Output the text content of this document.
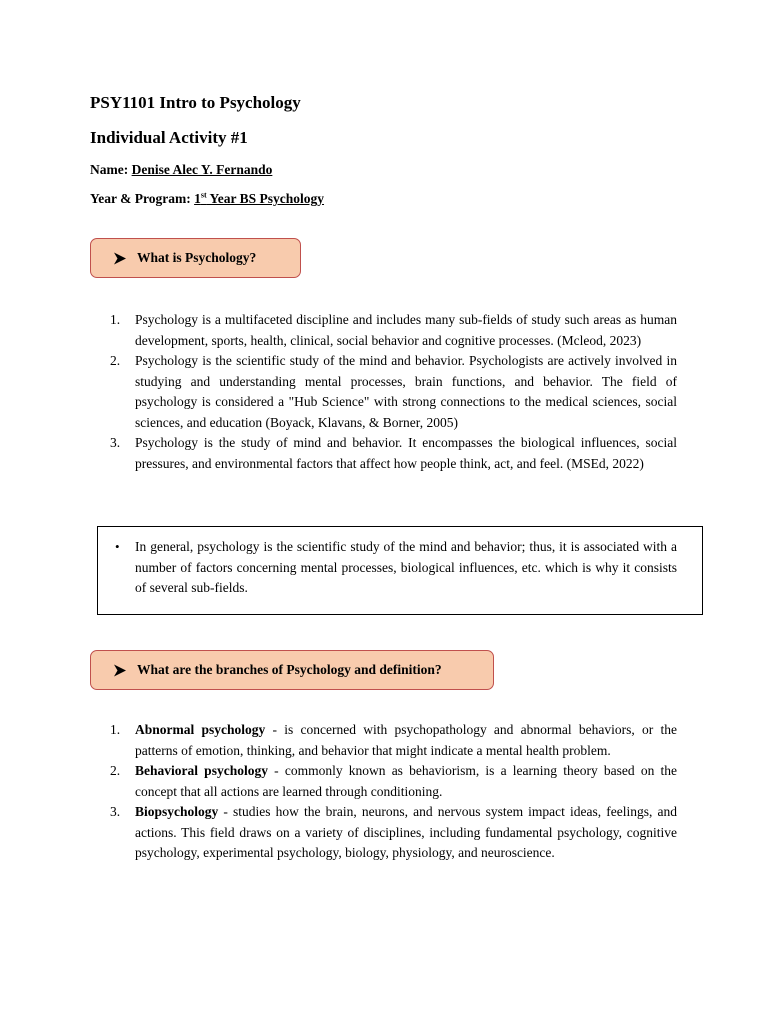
PSY1101 Intro to Psychology
Individual Activity #1

Name: Denise Alec Y. Fernando

Year & Program: 1st Year BS Psychology

What is Psychology?
1.	Psychology is a multifaceted discipline and includes many sub-fields of study such areas as human development, sports, health, clinical, social behavior and cognitive processes. (Mcleod, 2023)
2.	Psychology is the scientific study of the mind and behavior. Psychologists are actively involved in studying and understanding mental processes, brain functions, and behavior. The field of psychology is considered a "Hub Science" with strong connections to the medical sciences, social sciences, and education (Boyack, Klavans, & Borner, 2005)
3.	Psychology is the study of mind and behavior. It encompasses the biological influences, social pressures, and environmental factors that affect how people think, act, and feel. (MSEd, 2022)
• In general, psychology is the scientific study of the mind and behavior; thus, it is associated with a number of factors concerning mental processes, biological influences, etc. which is why it consists of several sub-fields.

What are the branches of Psychology and definition?
1.	Abnormal psychology - is concerned with psychopathology and abnormal behaviors, or the patterns of emotion, thinking, and behavior that might indicate a mental health problem.
2.	Behavioral psychology - commonly known as behaviorism, is a learning theory based on the concept that all actions are learned through conditioning.
3.	Biopsychology - studies how the brain, neurons, and nervous system impact ideas, feelings, and actions. This field draws on a variety of disciplines, including fundamental psychology, cognitive psychology, experimental psychology, biology, physiology, and neuroscience.
